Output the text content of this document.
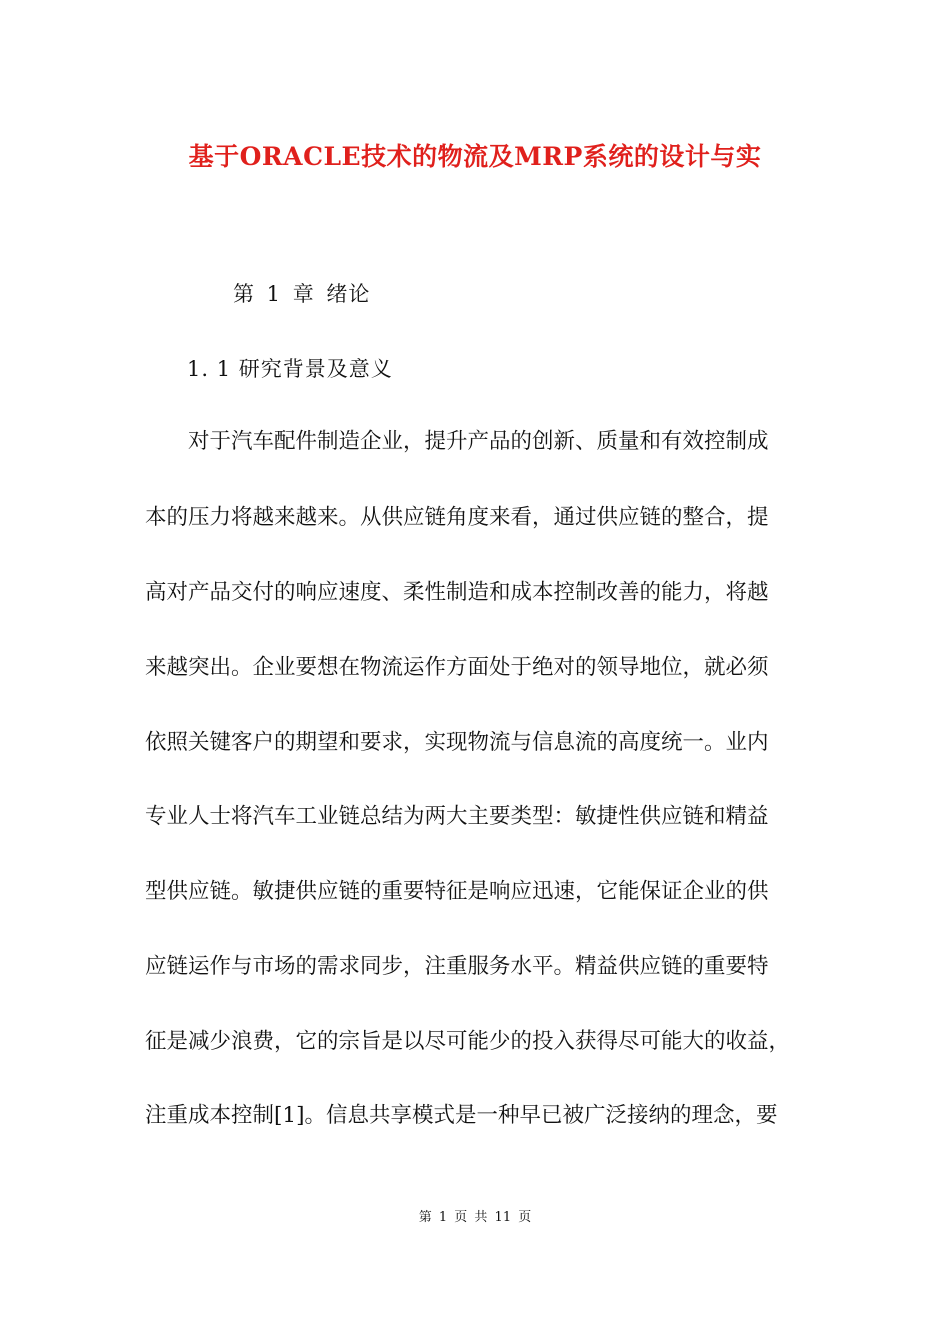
基于ORACLE技术的物流及MRP系统的设计与实

第 1 章 绪论

1. 1 研究背景及意义

　　对于汽车配件制造企业，提升产品的创新、质量和有效控制成

本的压力将越来越来。从供应链角度来看，通过供应链的整合，提

高对产品交付的响应速度、柔性制造和成本控制改善的能力，将越

来越突出。企业要想在物流运作方面处于绝对的领导地位，就必须

依照关键客户的期望和要求，实现物流与信息流的高度统一。业内

专业人士将汽车工业链总结为两大主要类型：敏捷性供应链和精益

型供应链。敏捷供应链的重要特征是响应迅速，它能保证企业的供

应链运作与市场的需求同步，注重服务水平。精益供应链的重要特

征是减少浪费，它的宗旨是以尽可能少的投入获得尽可能大的收益，

注重成本控制[1]。信息共享模式是一种早已被广泛接纳的理念，要

第 1 页 共 11 页
